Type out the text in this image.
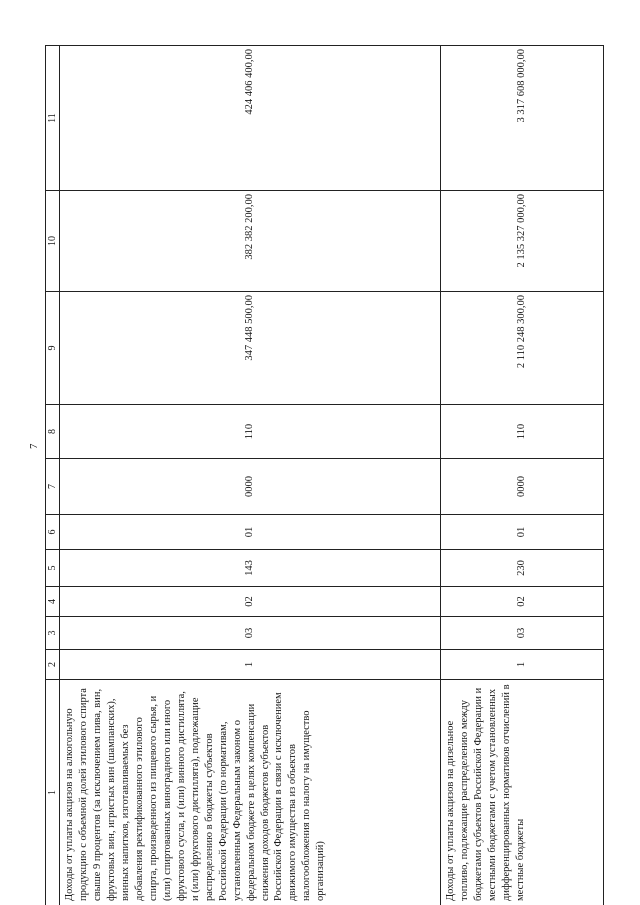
7
1	2	3	4	5	6	7	8	9	10	11
Доходы от уплаты акцизов на алкогольную продукцию с объемной долей этилового спирта свыше 9 процентов (за исключением пива, вин, фруктовых вин, игристых вин (шампанских), винных напитков, изготавливаемых без добавления ректификованного этилового спирта, произведенного из пищевого сырья, и (или) спиртованных виноградного или иного фруктового сусла, и (или) винного дистиллята, и (или) фруктового дистиллята), подлежащие распределению в бюджеты субъектов Российской Федерации (по нормативам, установленным Федеральным законом о федеральном бюджете в целях компенсации снижения доходов бюджетов субъектов Российской Федерации в связи с исключением движимого имущества из объектов налогообложения по налогу на имущество организаций)	1	03	02	143	01	0000	110	347 448 500,00	382 382 200,00	424 406 400,00
Доходы от уплаты акцизов на дизельное топливо, подлежащие распределению между бюджетами субъектов Российской Федерации и местными бюджетами с учетом установленных дифференцированных нормативов отчислений в местные бюджеты	1	03	02	230	01	0000	110	2 110 248 300,00	2 135 327 000,00	3 317 608 000,00
